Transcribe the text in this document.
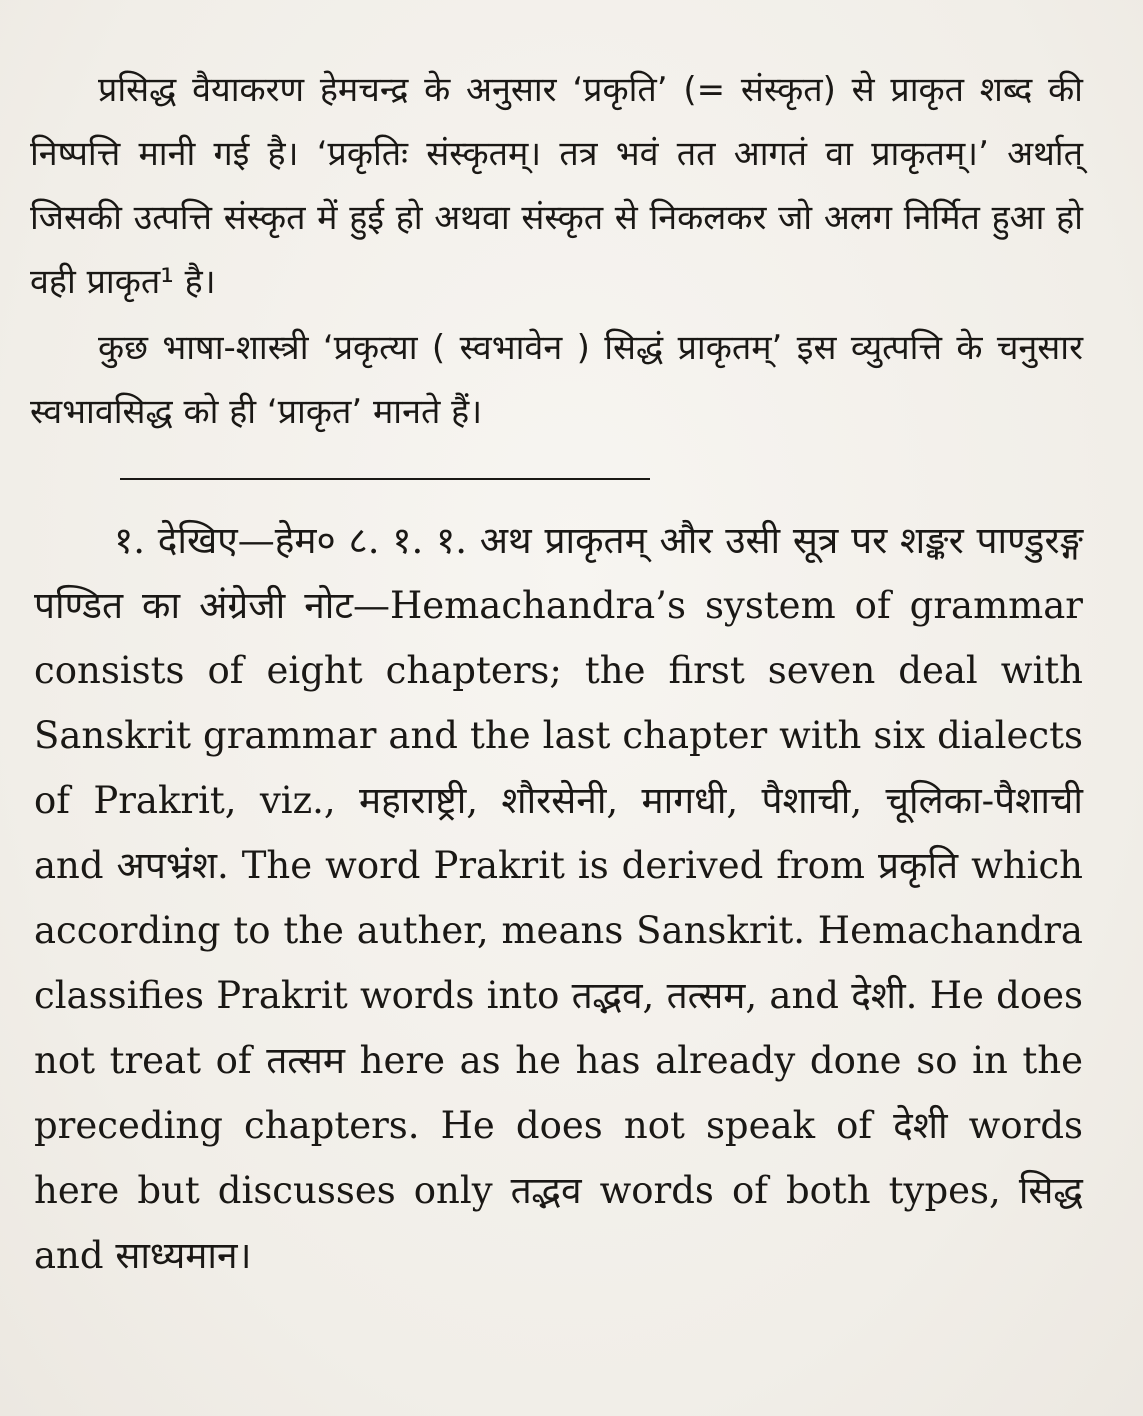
प्रसिद्ध वैयाकरण हेमचन्द्र के अनुसार ‘प्रकृति’ (= संस्कृत) से प्राकृत शब्द की निष्पत्ति मानी गई है। ‘प्रकृतिः संस्कृतम्। तत्र भवं तत आगतं वा प्राकृतम्।’ अर्थात् जिसकी उत्पत्ति संस्कृत में हुई हो अथवा संस्कृत से निकलकर जो अलग निर्मित हुआ हो वही प्राकृत¹ है।

कुछ भाषा-शास्त्री ‘प्रकृत्या ( स्वभावेन ) सिद्धं प्राकृतम्’ इस व्युत्पत्ति के चनुसार स्वभावसिद्ध को ही ‘प्राकृत’ मानते हैं।

१. देखिए—हेम० ८. १. १. अथ प्राकृतम् और उसी सूत्र पर शङ्कर पाण्डुरङ्ग पण्डित का अंग्रेजी नोट—Hemachandra’s system of grammar consists of eight chapters; the first seven deal with Sanskrit grammar and the last chapter with six dialects of Prakrit, viz., महाराष्ट्री, शौरसेनी, मागधी, पैशाची, चूलिका-पैशाची and अपभ्रंश. The word Prakrit is derived from प्रकृति which according to the auther, means Sanskrit. Hemachandra classifies Prakrit words into तद्भव, तत्सम, and देशी. He does not treat of तत्सम here as he has already done so in the preceding chapters. He does not speak of देशी words here but discusses only तद्भव words of both types, सिद्ध and साध्यमान।
